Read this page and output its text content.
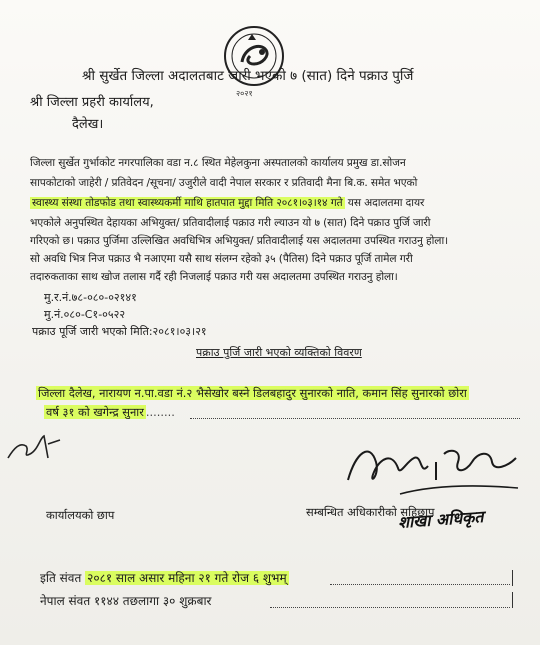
२०२१
श्री सुर्खेत जिल्ला अदालतबाट जारी भएको ७ (सात) दिने पक्राउ पुर्जि
श्री जिल्ला प्रहरी कार्यालय,
दैलेख।
जिल्ला सुर्खेत गुर्भाकोट नगरपालिका वडा न.८ स्थित मेहेलकुना अस्पतालको कार्यालय प्रमुख डा.सोजन
सापकोटाको जाहेरी / प्रतिवेदन /सूचना/ उजुरीले वादी नेपाल सरकार र प्रतिवादी मैना बि.क. समेत भएको
स्वास्थ्य संस्था तोडफोड तथा स्वास्थ्यकर्मी माथि हातपात मुद्दा मिति २०८१।०३।१४ गते यस अदालतमा दायर
भएकोले अनुपस्थित देहायका अभियुक्त/ प्रतिवादीलाई पक्राउ गरी ल्याउन यो ७ (सात) दिने पक्राउ पुर्जि जारी
गरिएको छ। पक्राउ पुर्जिमा उल्लिखित अवधिभित्र अभियुक्त/ प्रतिवादीलाई यस अदालतमा उपस्थित गराउनु होला।
सो अवधि भित्र निज पक्राउ भै नआएमा यसै साथ संलग्न रहेको ३५ (पैतिस) दिने पक्राउ पूर्जि तामेल गरी
तदारुकताका साथ खोज तलास गर्दै रही निजलाई पक्राउ गरी यस अदालतमा उपस्थित गराउनु होला।
मु.र.नं.७८-०८०-०२१४१
मु.नं.०८०-C१-०५२२
पक्राउ पूर्जि जारी भएको मिति:२०८१।०३।२१
पक्राउ पुर्जि जारी भएको व्यक्तिको विवरण
जिल्ला दैलेख, नारायण न.पा.वडा नं.२ भैसेखोर बस्ने डिलबहादुर सुनारको नाति, कमान सिंह सुनारको छोरा
वर्ष ३१ को खगेन्द्र सुनार ........
कार्यालयको छाप	सम्बन्धित अधिकारीको सहिछाप
शाखा अधिकृत
इति संवत २०८१ साल असार महिना २१ गते रोज ६ शुभम्
नेपाल संवत ११४४ तछलागा ३० शुक्रबार
